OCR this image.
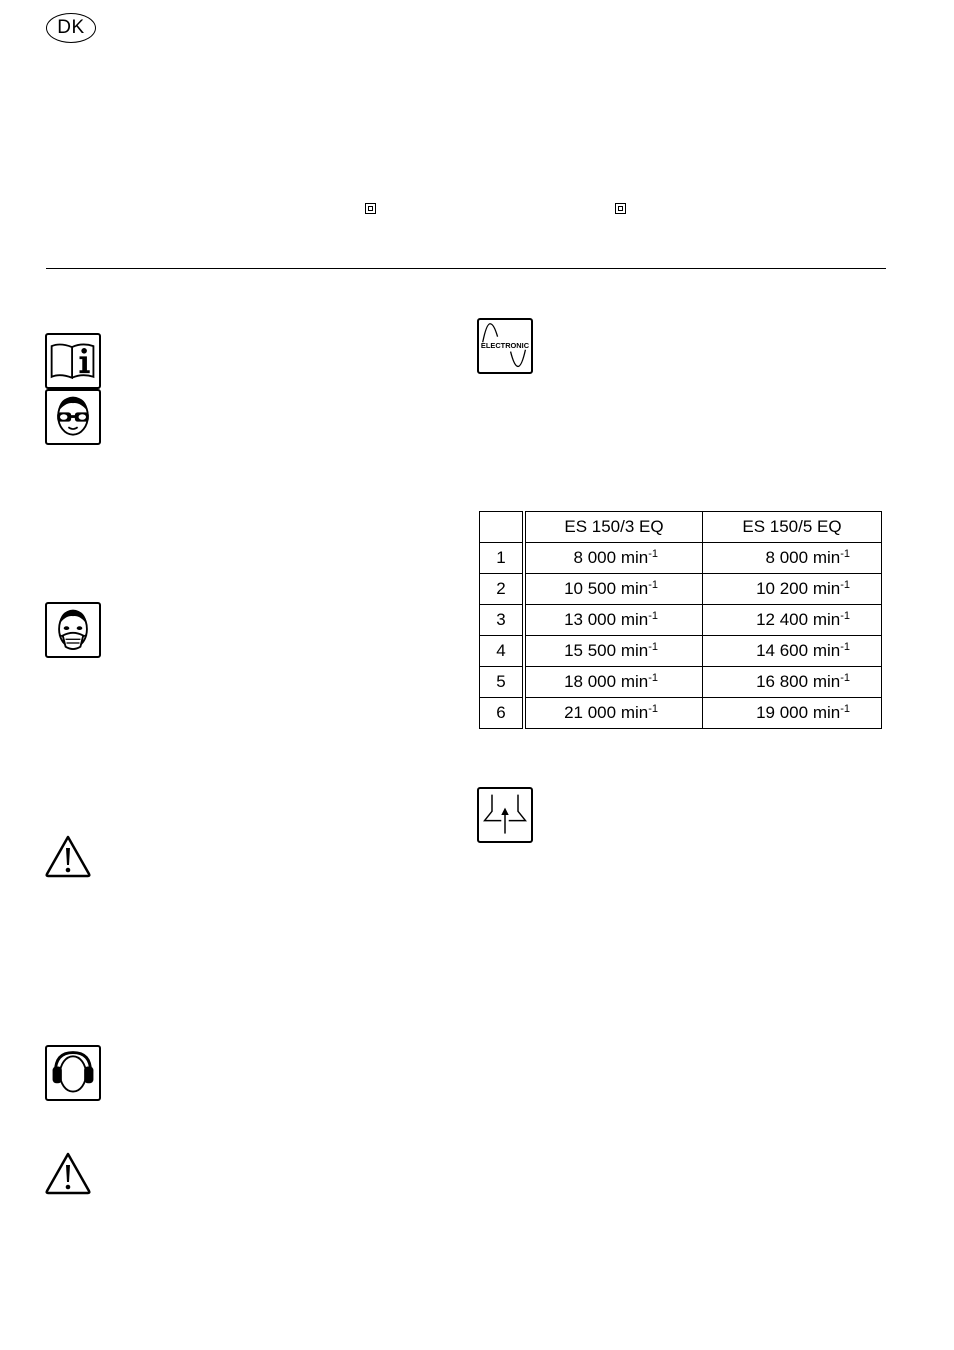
DK
ELECTRONIC
	ES 150/3 EQ	ES 150/5 EQ
1	8 000 $\min^{-1}$	8 000 $\min^{-1}$
2	10 500 $\min^{-1}$	10 200 $\min^{-1}$
3	13 000 $\min^{-1}$	12 400 $\min^{-1}$
4	15 500 $\min^{-1}$	14 600 $\min^{-1}$
5	18 000 $\min^{-1}$	16 800 $\min^{-1}$
6	21 000 $\min^{-1}$	19 000 $\min^{-1}$
